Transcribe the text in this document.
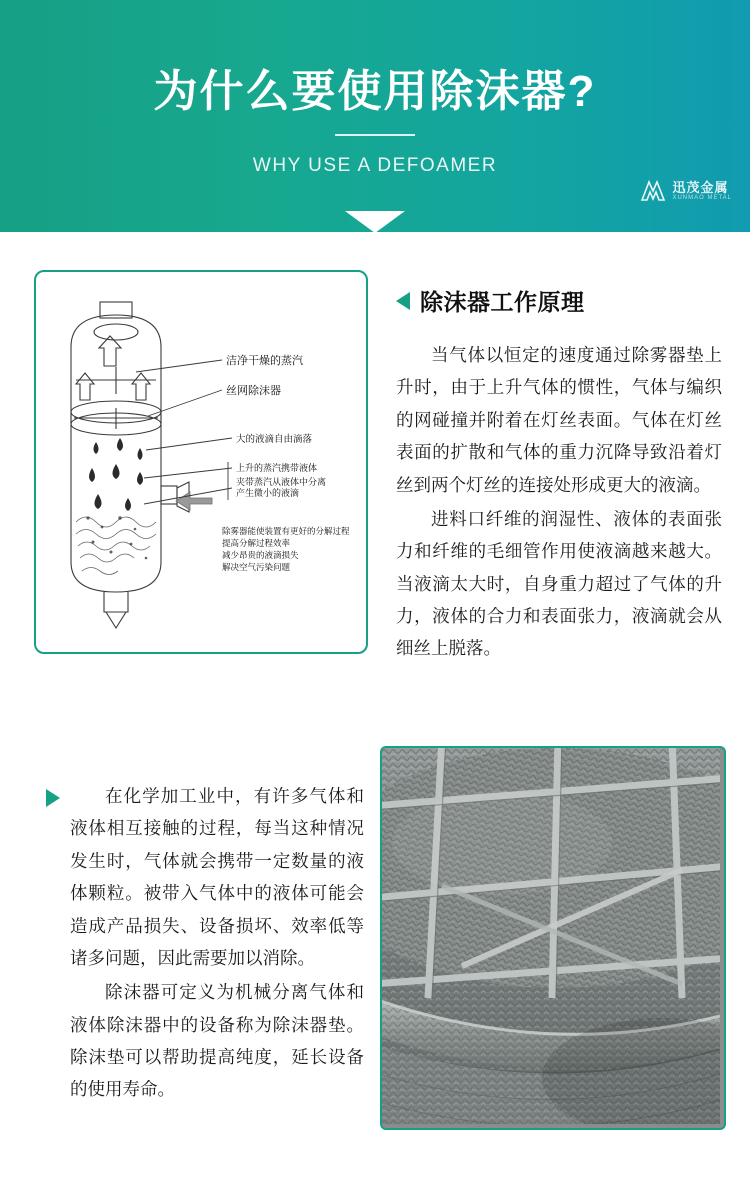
为什么要使用除沫器?
WHY USE A DEFOAMER
迅茂金属
XUNMAO METAL
洁净干燥的蒸汽
丝网除沫器
大的液滴自由滴落
上升的蒸汽携带液体
夹带蒸汽从液体中分离
产生微小的液滴
除雾器能使装置有更好的分解过程
提高分解过程效率
减少昂贵的液滴损失
解决空气污染问题
除沫器工作原理

当气体以恒定的速度通过除雾器垫上升时，由于上升气体的惯性，气体与编织的网碰撞并附着在灯丝表面。气体在灯丝表面的扩散和气体的重力沉降导致沿着灯丝到两个灯丝的连接处形成更大的液滴。

进料口纤维的润湿性、液体的表面张力和纤维的毛细管作用使液滴越来越大。当液滴太大时，自身重力超过了气体的升力，液体的合力和表面张力，液滴就会从细丝上脱落。

在化学加工业中，有许多气体和液体相互接触的过程，每当这种情况发生时，气体就会携带一定数量的液体颗粒。被带入气体中的液体可能会造成产品损失、设备损坏、效率低等诸多问题，因此需要加以消除。

除沫器可定义为机械分离气体和液体除沫器中的设备称为除沫器垫。除沫垫可以帮助提高纯度，延长设备的使用寿命。
